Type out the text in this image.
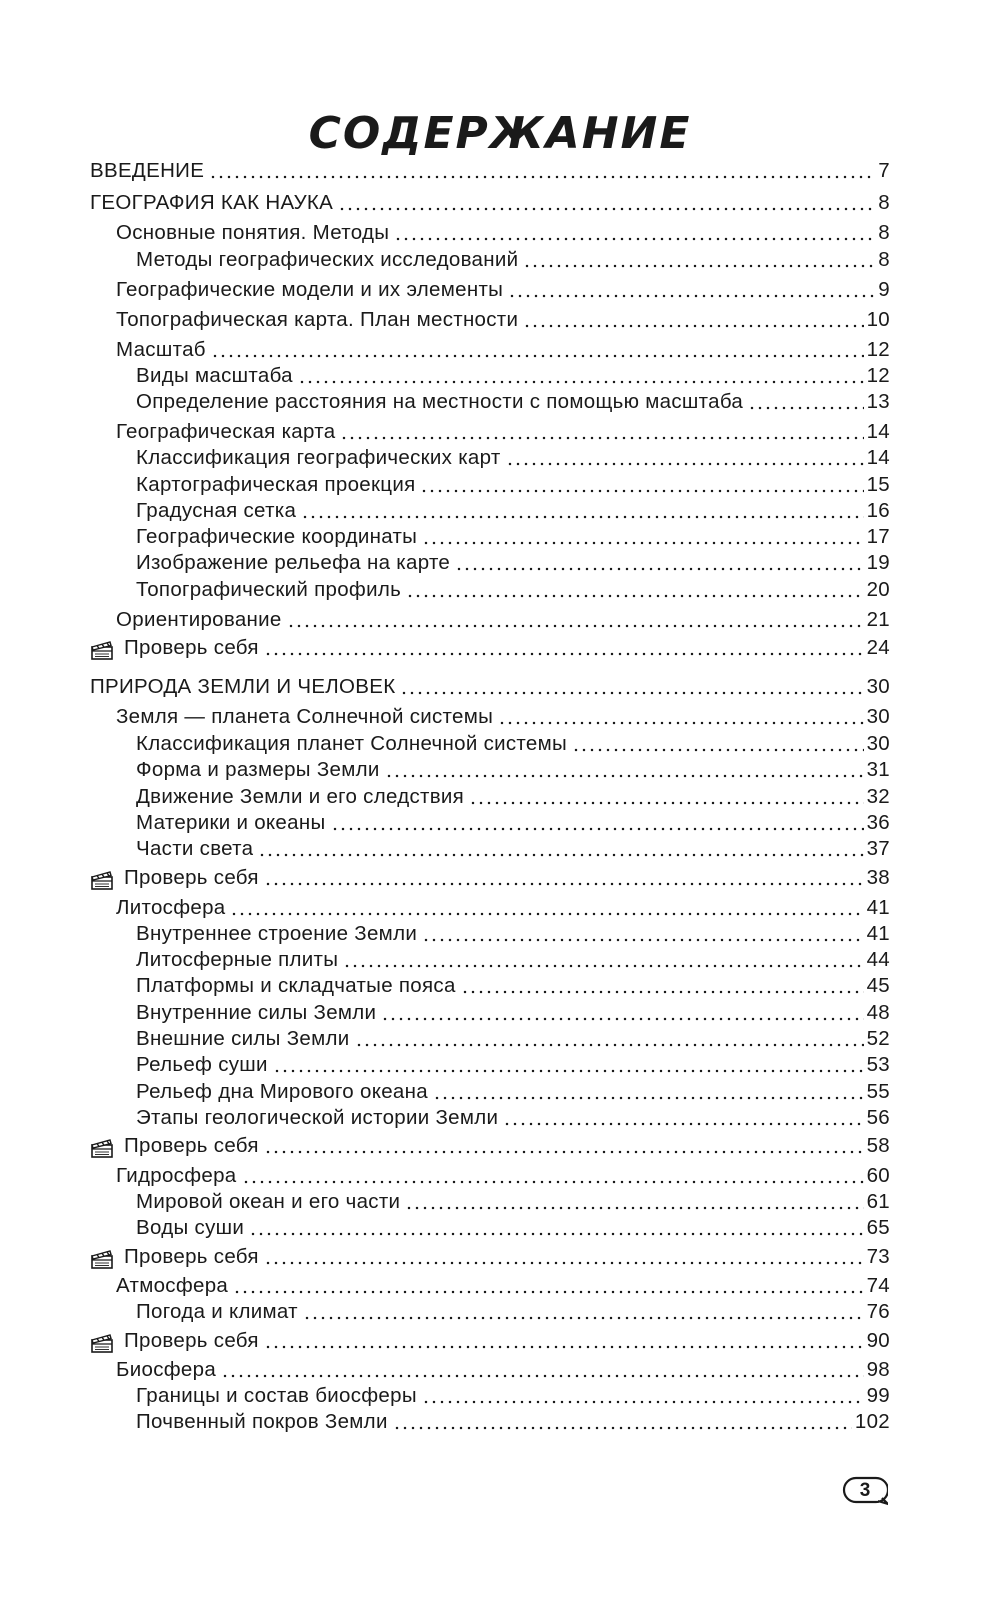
СОДЕРЖАНИЕ
ВВЕДЕНИЕ	7
ГЕОГРАФИЯ КАК НАУКА	8
Основные понятия. Методы	8
Методы географических исследований	8
Географические модели и их элементы	9
Топографическая карта. План местности	10
Масштаб	12
Виды масштаба	12
Определение расстояния на местности с помощью масштаба	13
Географическая карта	14
Классификация географических карт	14
Картографическая проекция	15
Градусная сетка	16
Географические координаты	17
Изображение рельефа на карте	19
Топографический профиль	20
Ориентирование	21
Проверь себя	24
ПРИРОДА ЗЕМЛИ И ЧЕЛОВЕК	30
Земля — планета Солнечной системы	30
Классификация планет Солнечной системы	30
Форма и размеры Земли	31
Движение Земли и его следствия	32
Материки и океаны	36
Части света	37
Проверь себя	38
Литосфера	41
Внутреннее строение Земли	41
Литосферные плиты	44
Платформы и складчатые пояса	45
Внутренние силы Земли	48
Внешние силы Земли	52
Рельеф суши	53
Рельеф дна Мирового океана	55
Этапы геологической истории Земли	56
Проверь себя	58
Гидросфера	60
Мировой океан и его части	61
Воды суши	65
Проверь себя	73
Атмосфера	74
Погода и климат	76
Проверь себя	90
Биосфера	98
Границы и состав биосферы	99
Почвенный покров Земли	102
3
